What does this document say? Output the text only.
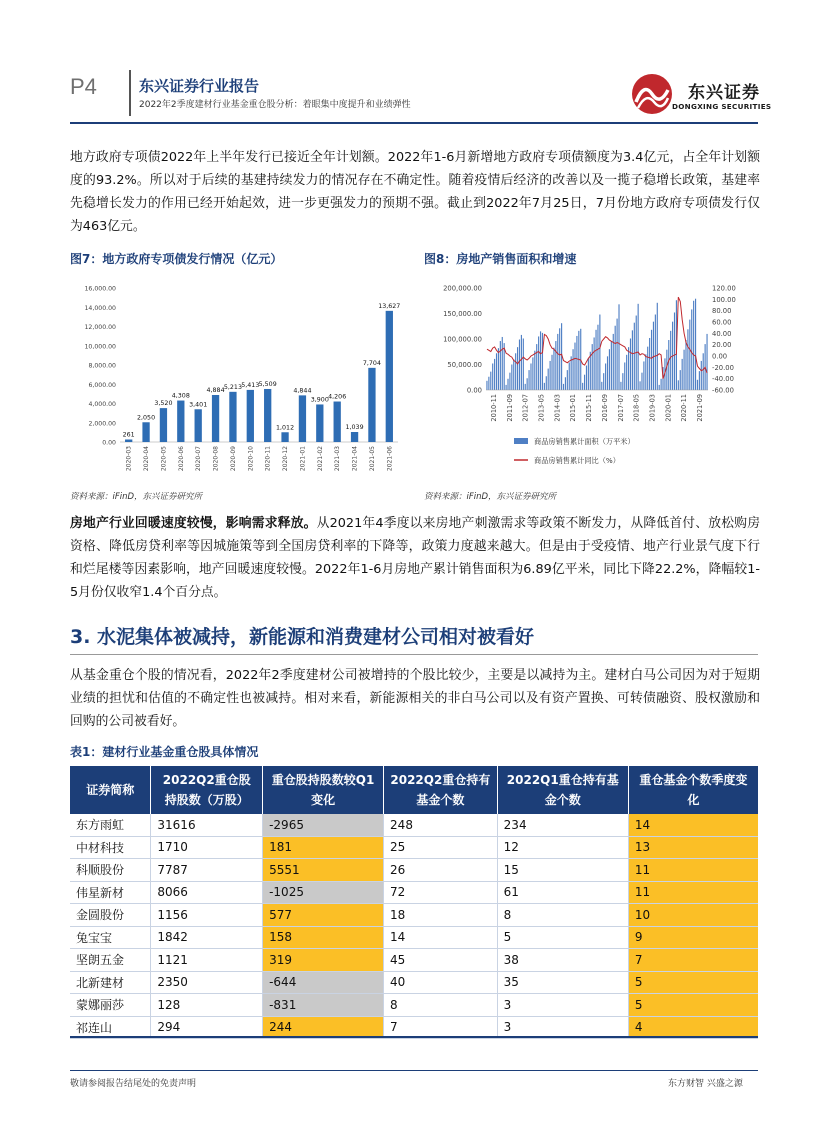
P4	东兴证券行业报告
2022年2季度建材行业基金重仓股分析：着眼集中度提升和业绩弹性
东兴证券
DONGXING SECURITIES
地方政府专项债2022年上半年发行已接近全年计划额。2022年1-6月新增地方政府专项债额度为3.4亿元，占全年计划额度的93.2%。所以对于后续的基建持续发力的情况存在不确定性。随着疫情后经济的改善以及一揽子稳增长政策，基建率先稳增长发力的作用已经开始起效，进一步更强发力的预期不强。截止到2022年7月25日，7月份地方政府专项债发行仅为463亿元。
图7：地方政府专项债发行情况（亿元）
16,000.00
14,000.00
12,000.00
10,000.00
8,000.00
6,000.00
4,000.00
2,000.00
0.00
261
2020-03
2,050
2020-04
3,520
2020-05
4,308
2020-06
3,401
2020-07
4,884
2020-08
5,213
2020-09
5,413
2020-10
5,509
2020-11
1,012
2020-12
4,844
2021-01
3,900
2021-02
4,206
2021-03
1,039
2021-04
7,704
2021-05
13,627
2021-06
资料来源：iFinD，东兴证券研究所
图8：房地产销售面积和增速
200,000.00
150,000.00
100,000.00
50,000.00
0.00
120.00
100.00
80.00
60.00
40.00
20.00
0.00
-20.00
-40.00
-60.00
2010-11 2011-09 2012-07 2013-05 2014-03 2015-01 2015-11 2016-09 2017-07 2018-05 2019-03 2020-01 2020-11 2021-09
商品房销售累计面积（万平米）
商品房销售累计同比（%）
资料来源：iFinD，东兴证券研究所
房地产行业回暖速度较慢，影响需求释放。从2021年4季度以来房地产刺激需求等政策不断发力，从降低首付、放松购房资格、降低房贷利率等因城施策等到全国房贷利率的下降等，政策力度越来越大。但是由于受疫情、地产行业景气度下行和烂尾楼等因素影响，地产回暖速度较慢。2022年1-6月房地产累计销售面积为6.89亿平米，同比下降22.2%，降幅较1-5月份仅收窄1.4个百分点。
3. 水泥集体被减持，新能源和消费建材公司相对被看好
从基金重仓个股的情况看，2022年2季度建材公司被增持的个股比较少，主要是以减持为主。建材白马公司因为对于短期业绩的担忧和估值的不确定性也被减持。相对来看，新能源相关的非白马公司以及有资产置换、可转债融资、股权激励和回购的公司被看好。
表1：建材行业基金重仓股具体情况
证券简称	2022Q2重仓股持股数（万股）	重仓股持股数较Q1变化	2022Q2重仓持有基金个数	2022Q1重仓持有基金个数	重仓基金个数季度变化
东方雨虹	31616	-2965	248	234	14
中材科技	1710	181	25	12	13
科顺股份	7787	5551	26	15	11
伟星新材	8066	-1025	72	61	11
金圆股份	1156	577	18	8	10
兔宝宝	1842	158	14	5	9
坚朗五金	1121	319	45	38	7
北新建材	2350	-644	40	35	5
蒙娜丽莎	128	-831	8	3	5
祁连山	294	244	7	3	4
敬请参阅报告结尾处的免责声明	东方财智 兴盛之源
